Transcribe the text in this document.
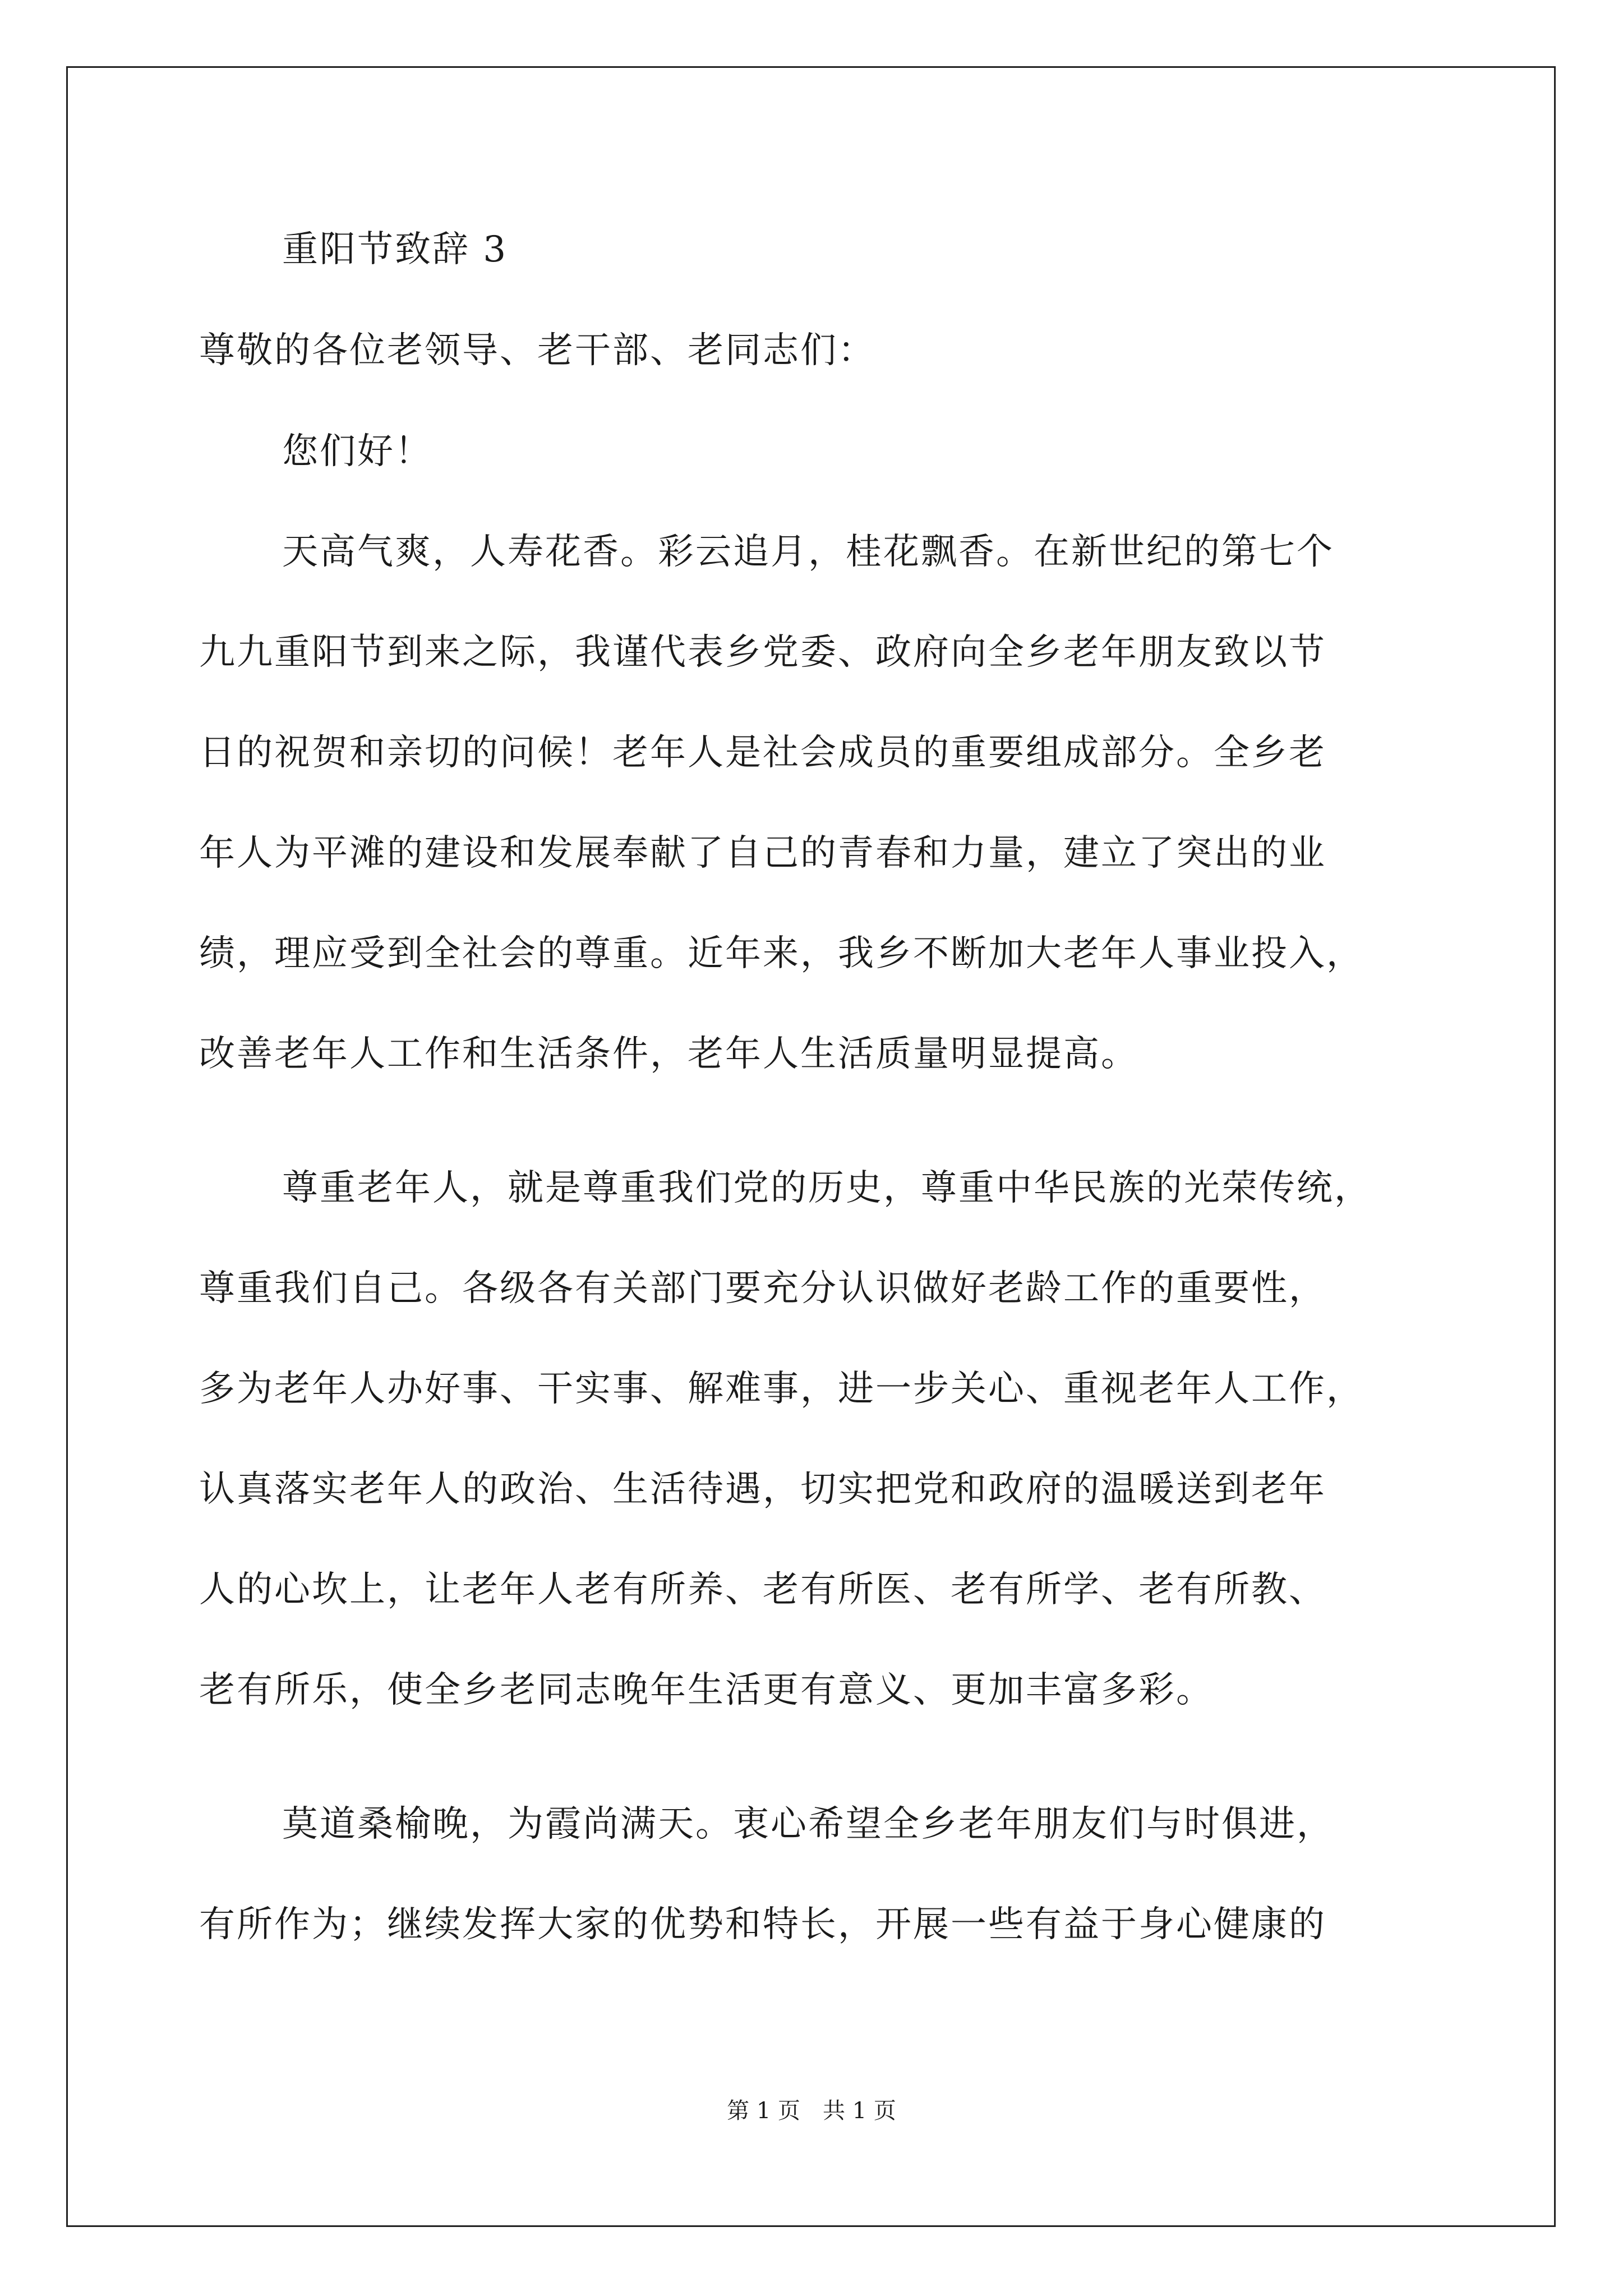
重阳节致辞 3
尊敬的各位老领导、老干部、老同志们：
您们好！
天高气爽，人寿花香。彩云追月，桂花飘香。在新世纪的第七个
九九重阳节到来之际，我谨代表乡党委、政府向全乡老年朋友致以节
日的祝贺和亲切的问候！老年人是社会成员的重要组成部分。全乡老
年人为平滩的建设和发展奉献了自己的青春和力量，建立了突出的业
绩，理应受到全社会的尊重。近年来，我乡不断加大老年人事业投入，
改善老年人工作和生活条件，老年人生活质量明显提高。
尊重老年人，就是尊重我们党的历史，尊重中华民族的光荣传统，
尊重我们自己。各级各有关部门要充分认识做好老龄工作的重要性，
多为老年人办好事、干实事、解难事，进一步关心、重视老年人工作，
认真落实老年人的政治、生活待遇，切实把党和政府的温暖送到老年
人的心坎上，让老年人老有所养、老有所医、老有所学、老有所教、
老有所乐，使全乡老同志晚年生活更有意义、更加丰富多彩。
莫道桑榆晚，为霞尚满天。衷心希望全乡老年朋友们与时俱进，
有所作为；继续发挥大家的优势和特长，开展一些有益于身心健康的
第 1 页　共 1 页
